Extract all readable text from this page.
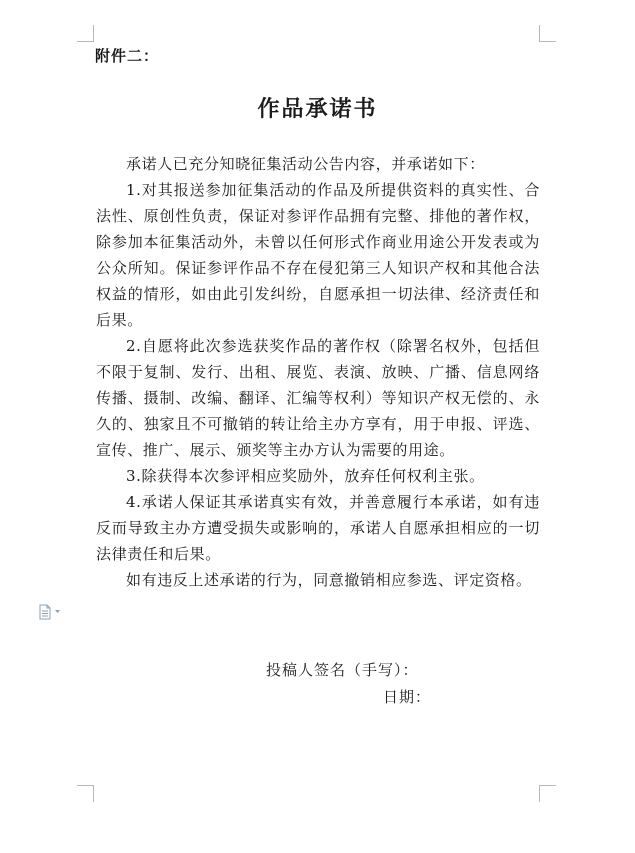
附件二：
作品承诺书

承诺人已充分知晓征集活动公告内容，并承诺如下：

1.对其报送参加征集活动的作品及所提供资料的真实性、合法性、原创性负责，保证对参评作品拥有完整、排他的著作权，除参加本征集活动外，未曾以任何形式作商业用途公开发表或为公众所知。保证参评作品不存在侵犯第三人知识产权和其他合法权益的情形，如由此引发纠纷，自愿承担一切法律、经济责任和后果。

2.自愿将此次参选获奖作品的著作权（除署名权外，包括但不限于复制、发行、出租、展览、表演、放映、广播、信息网络传播、摄制、改编、翻译、汇编等权利）等知识产权无偿的、永久的、独家且不可撤销的转让给主办方享有，用于申报、评选、宣传、推广、展示、颁奖等主办方认为需要的用途。

3.除获得本次参评相应奖励外，放弃任何权利主张。

4.承诺人保证其承诺真实有效，并善意履行本承诺，如有违反而导致主办方遭受损失或影响的，承诺人自愿承担相应的一切法律责任和后果。

如有违反上述承诺的行为，同意撤销相应参选、评定资格。

投稿人签名（手写）：
日期：
